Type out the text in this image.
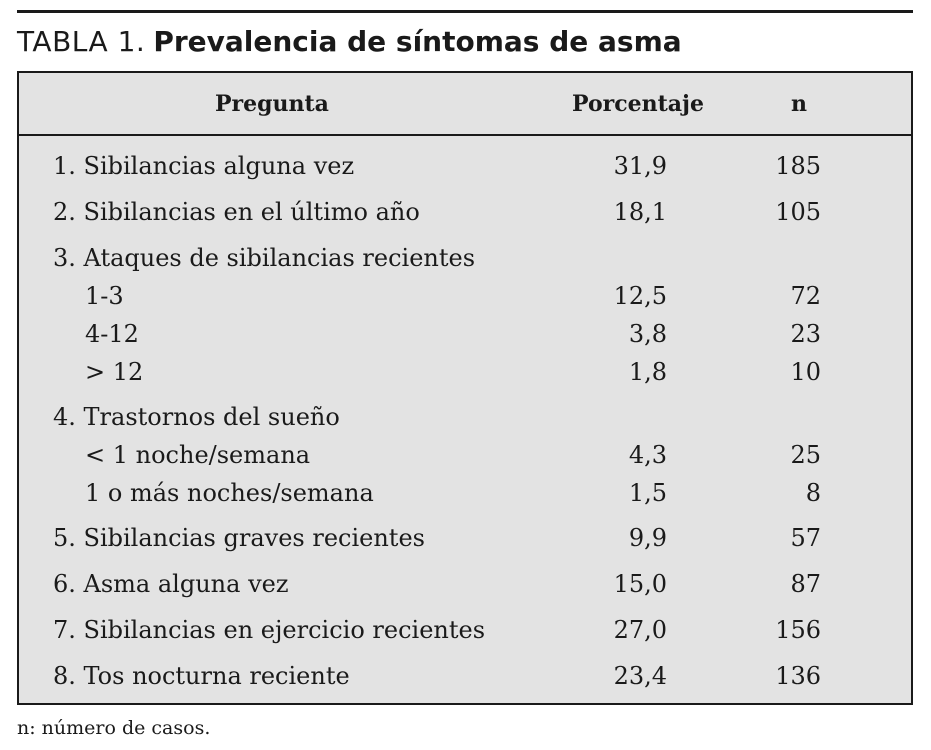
TABLA 1. Prevalencia de síntomas de asma
Pregunta	Porcentaje	n
1. Sibilancias alguna vez	31,9	185
2. Sibilancias en el último año	18,1	105
3. Ataques de sibilancias recientes
1-3	12,5	72
4-12	3,8	23
> 12	1,8	10
4. Trastornos del sueño
< 1 noche/semana	4,3	25
1 o más noches/semana	1,5	8
5. Sibilancias graves recientes	9,9	57
6. Asma alguna vez	15,0	87
7. Sibilancias en ejercicio recientes	27,0	156
8. Tos nocturna reciente	23,4	136
n: número de casos.
